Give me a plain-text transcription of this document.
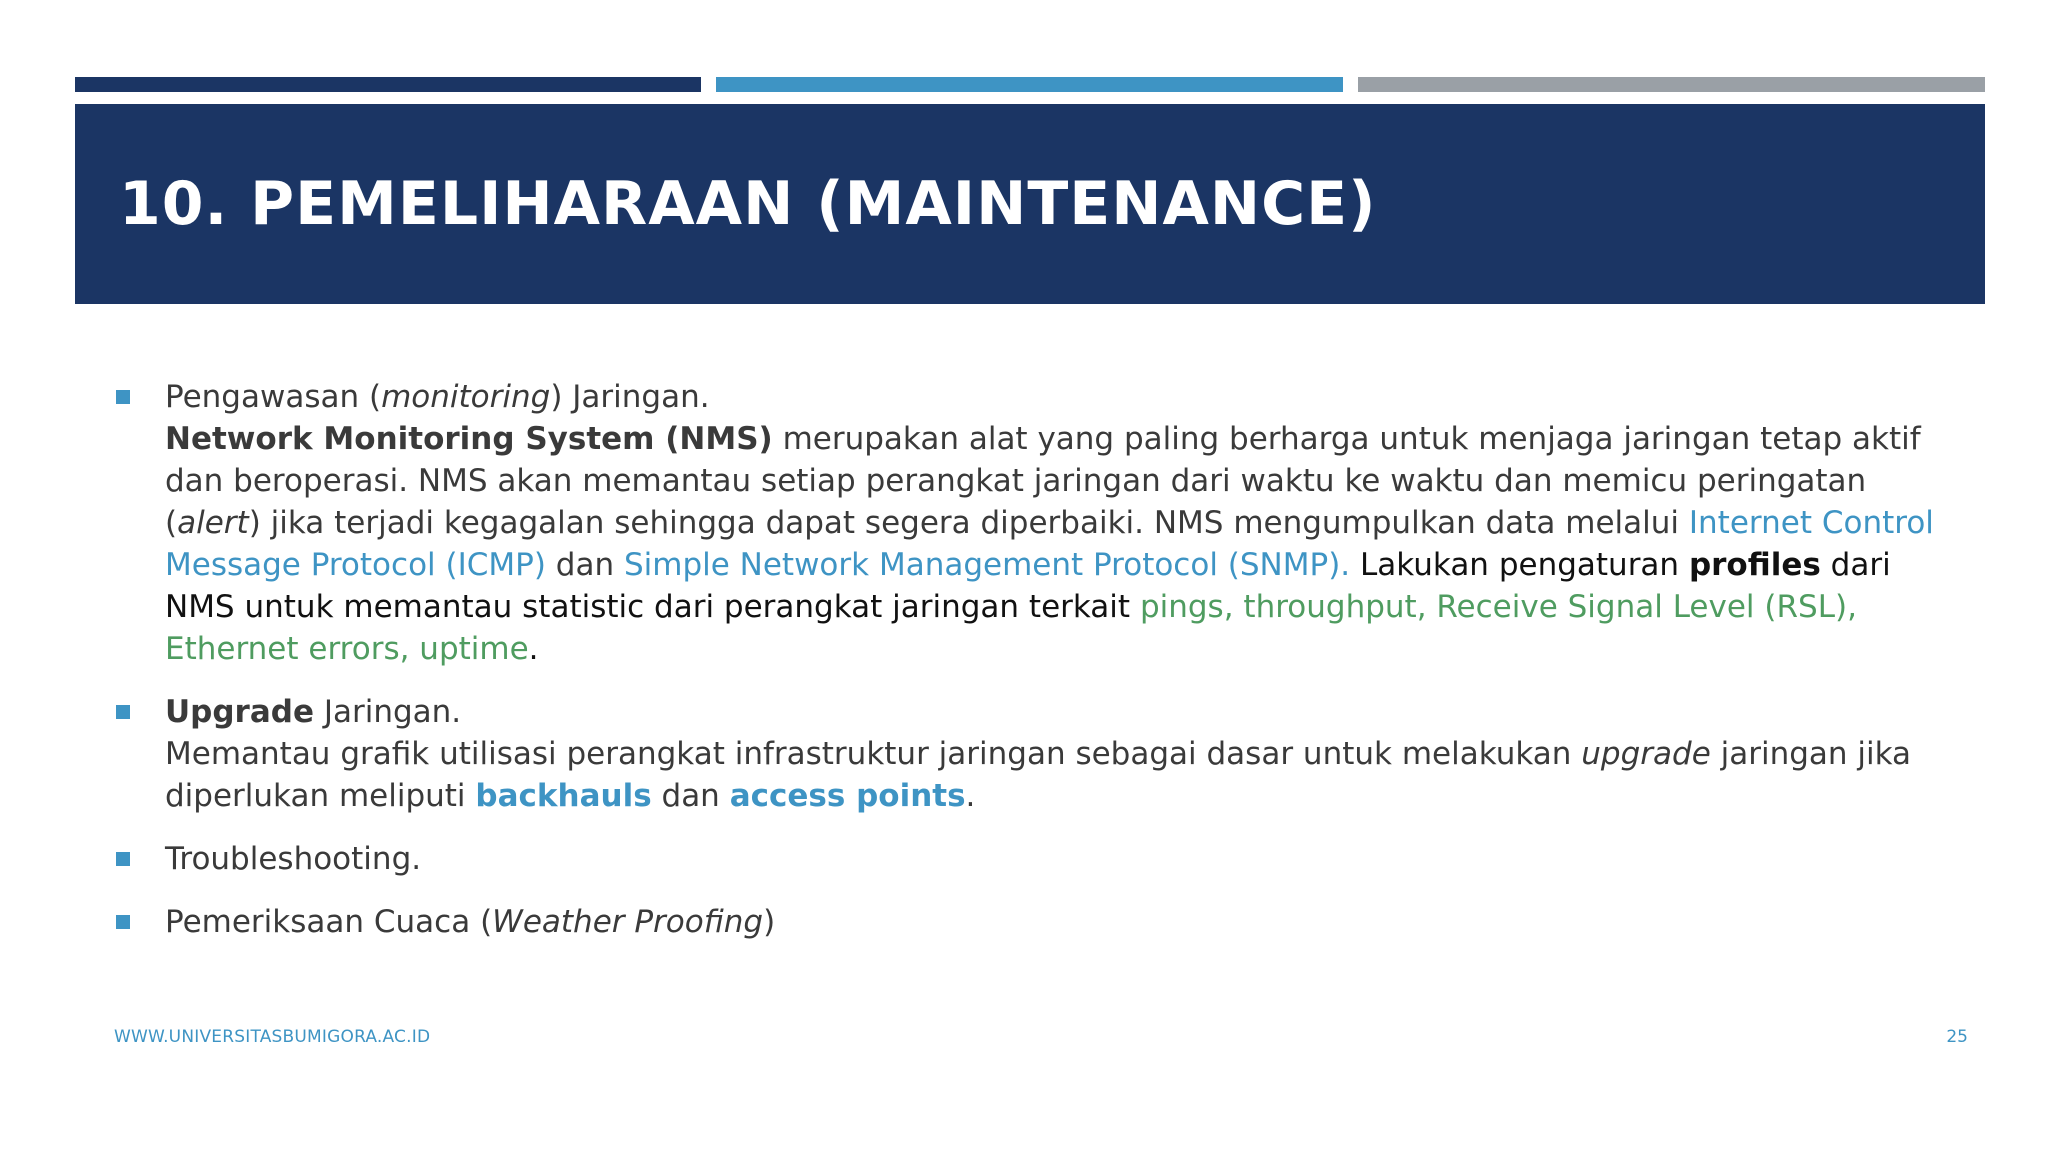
10. PEMELIHARAAN (MAINTENANCE)
Pengawasan (monitoring) Jaringan.
Network Monitoring System (NMS) merupakan alat yang paling berharga untuk menjaga jaringan tetap aktif dan beroperasi. NMS akan memantau setiap perangkat jaringan dari waktu ke waktu dan memicu peringatan (alert) jika terjadi kegagalan sehingga dapat segera diperbaiki. NMS mengumpulkan data melalui Internet Control Message Protocol (ICMP) dan Simple Network Management Protocol (SNMP). Lakukan pengaturan profiles dari NMS untuk memantau statistic dari perangkat jaringan terkait pings, throughput, Receive Signal Level (RSL), Ethernet errors, uptime.
Upgrade Jaringan.
Memantau grafik utilisasi perangkat infrastruktur jaringan sebagai dasar untuk melakukan upgrade jaringan jika diperlukan meliputi backhauls dan access points.
Troubleshooting.
Pemeriksaan Cuaca (Weather Proofing)
WWW.UNIVERSITASBUMIGORA.AC.ID	25
